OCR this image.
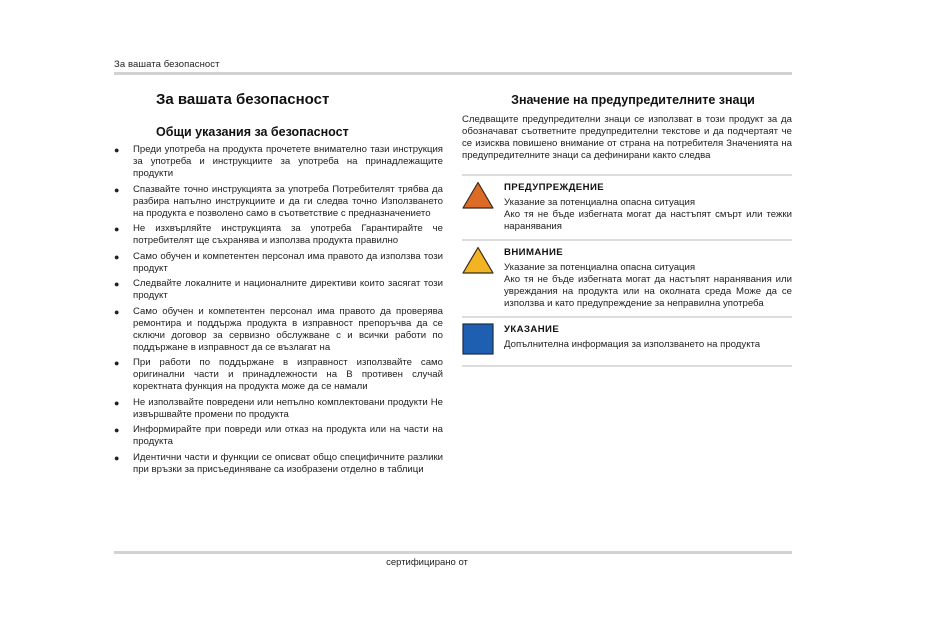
За вашата безопасност
За вашата безопасност
Общи указания за безопасност
● Преди употреба на продукта прочетете внимателно тази инструкция за употреба и инструкциите за употреба на принадлежащите продукти
● Спазвайте точно инструкцията за употреба Потребителят трябва да разбира напълно инструкциите и да ги следва точно Използването на продукта е позволено само в съответствие с предназначението
● Не изхвърляйте инструкцията за употреба Гарантирайте че потребителят ще съхранява и използва продукта правилно
● Само обучен и компетентен персонал има правото да използва този продукт
● Следвайте локалните и националните директиви които засягат този продукт
● Само обучен и компетентен персонал има правото да проверява ремонтира и поддържа продукта в изправност препоръчва да се сключи договор за сервизно обслужване с и всички работи по поддържане в изправност да се възлагат на
● При работи по поддържане в изправност използвайте само оригинални части и принадлежности на В противен случай коректната функция на продукта може да се намали
● Не използвайте повредени или непълно комплектовани продукти Не извършвайте промени по продукта
● Информирайте при повреди или отказ на продукта или на части на продукта
● Идентични части и функции се описват общо специфичните разлики при връзки за присъединяване са изобразени отделно в таблици
Значение на предупредителните знаци

Следващите предупредителни знаци се използват в този продукт за да обозначават съответните предупредителни текстове и да подчертаят че се изисква повишено внимание от страна на потребителя Значенията на предупредителните знаци са дефинирани както следва

ПРЕДУПРЕЖДЕНИЕ
Указание за потенциална опасна ситуация
Ако тя не бъде избегната могат да настъпят смърт или тежки наранявания
ВНИМАНИЕ
Указание за потенциална опасна ситуация
Ако тя не бъде избегната могат да настъпят наранявания или увреждания на продукта или на околната среда Може да се използва и като предупреждение за неправилна употреба
УКАЗАНИЕ
Допълнителна информация за използването на продукта
сертифицирано от
